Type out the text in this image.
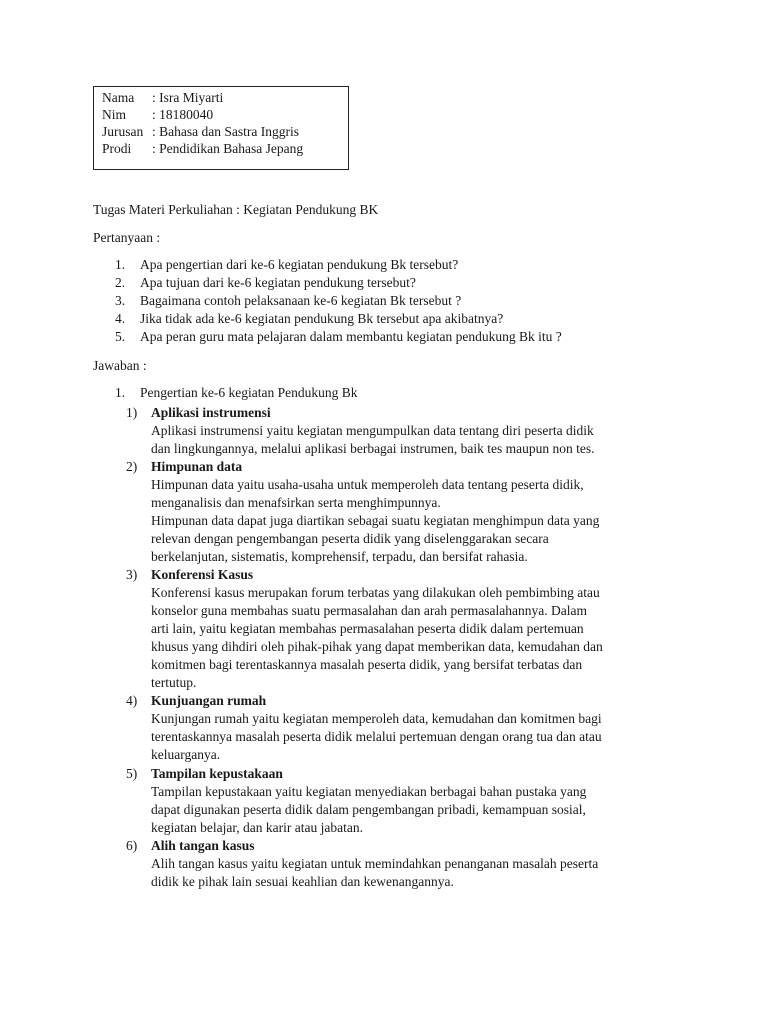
Nama	: Isra Miyarti
Nim	: 18180040
Jurusan : Bahasa dan Sastra Inggris
Prodi	: Pendidikan Bahasa Jepang
Tugas Materi Perkuliahan : Kegiatan Pendukung BK
Pertanyaan :
1.	Apa pengertian dari ke-6 kegiatan pendukung Bk tersebut?
2.	Apa tujuan dari ke-6 kegiatan pendukung tersebut?
3.	Bagaimana contoh pelaksanaan ke-6 kegiatan Bk tersebut ?
4.	Jika tidak ada ke-6 kegiatan pendukung Bk tersebut apa akibatnya?
5.	Apa peran guru mata pelajaran dalam membantu kegiatan pendukung Bk itu ?
Jawaban :
1.	Pengertian ke-6 kegiatan Pendukung Bk
1) Aplikasi instrumensi
Aplikasi instrumensi yaitu kegiatan mengumpulkan data tentang diri peserta didik
dan lingkungannya, melalui aplikasi berbagai instrumen, baik tes maupun non tes.
2) Himpunan data
Himpunan data yaitu usaha-usaha untuk memperoleh data tentang peserta didik,
menganalisis dan menafsirkan serta menghimpunnya.
Himpunan data dapat juga diartikan sebagai suatu kegiatan menghimpun data yang
relevan dengan pengembangan peserta didik yang diselenggarakan secara
berkelanjutan, sistematis, komprehensif, terpadu, dan bersifat rahasia.
3) Konferensi Kasus
Konferensi kasus merupakan forum terbatas yang dilakukan oleh pembimbing atau
konselor guna membahas suatu permasalahan dan arah permasalahannya. Dalam
arti lain, yaitu kegiatan membahas permasalahan peserta didik dalam pertemuan
khusus yang dihdiri oleh pihak-pihak yang dapat memberikan data, kemudahan dan
komitmen bagi terentaskannya masalah peserta didik, yang bersifat terbatas dan
tertutup.
4) Kunjuangan rumah
Kunjungan rumah yaitu kegiatan memperoleh data, kemudahan dan komitmen bagi
terentaskannya masalah peserta didik melalui pertemuan dengan orang tua dan atau
keluarganya.
5) Tampilan kepustakaan
Tampilan kepustakaan yaitu kegiatan menyediakan berbagai bahan pustaka yang
dapat digunakan peserta didik dalam pengembangan pribadi, kemampuan sosial,
kegiatan belajar, dan karir atau jabatan.
6) Alih tangan kasus
Alih tangan kasus yaitu kegiatan untuk memindahkan penanganan masalah peserta
didik ke pihak lain sesuai keahlian dan kewenangannya.
